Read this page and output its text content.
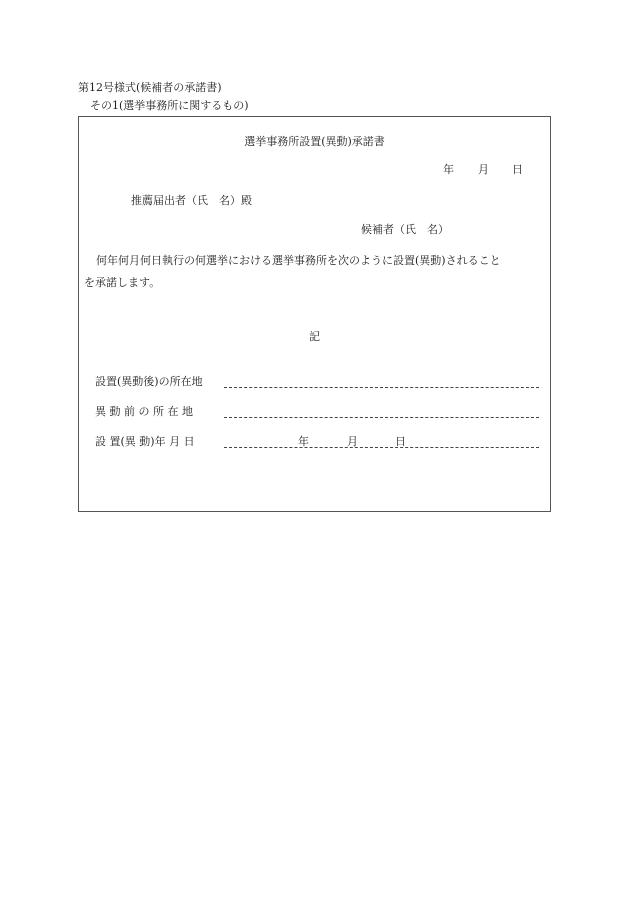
第12号様式(候補者の承諾書)
その1(選挙事務所に関するもの)
選挙事務所設置(異動)承諾書
年 月 日
推薦届出者（氏　名）殿
候補者（氏　名）
何年何月何日執行の何選挙における選挙事務所を次のように設置(異動)されること
を承諾します。
記
設置(異動後)の所在地
異 動 前 の 所 在 地
設 置(異 動)年 月 日	年	月	日
